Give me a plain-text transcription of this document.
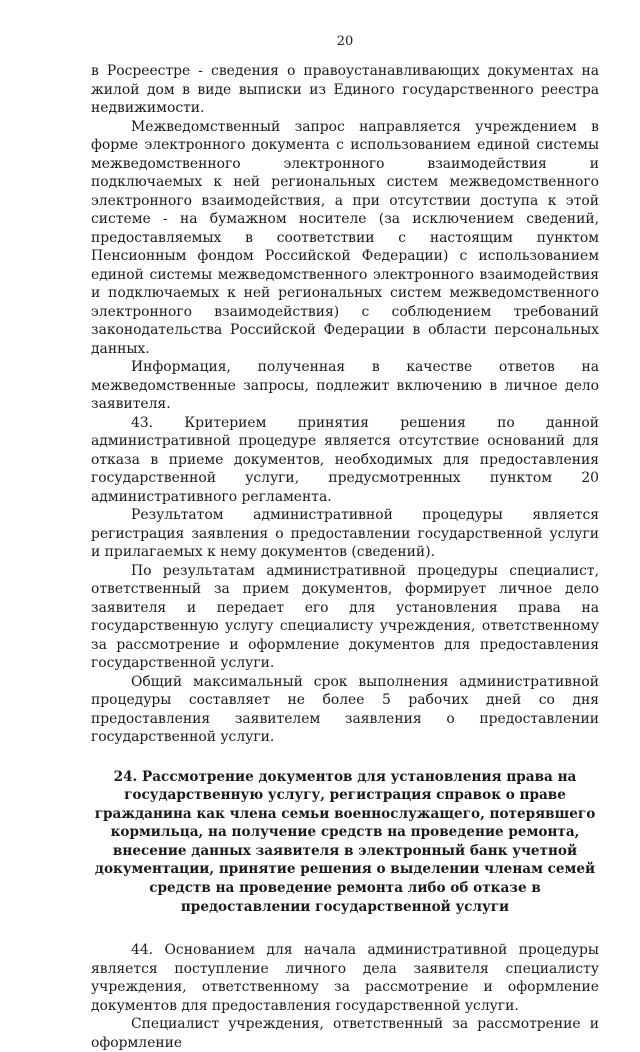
20

в Росреестре - сведения о правоустанавливающих документах на жилой дом в виде выписки из Единого государственного реестра недвижимости.

Межведомственный запрос направляется учреждением в форме электронного документа с использованием единой системы межведомственного электронного взаимодействия и подключаемых к ней региональных систем межведомственного электронного взаимодействия, а при отсутствии доступа к этой системе - на бумажном носителе (за исключением сведений, предоставляемых в соответствии с настоящим пунктом Пенсионным фондом Российской Федерации) с использованием единой системы межведомственного электронного взаимодействия и подключаемых к ней региональных систем межведомственного электронного взаимодействия) с соблюдением требований законодательства Российской Федерации в области персональных данных.

Информация, полученная в качестве ответов на межведомственные запросы, подлежит включению в личное дело заявителя.

43. Критерием принятия решения по данной административной процедуре является отсутствие оснований для отказа в приеме документов, необходимых для предоставления государственной услуги, предусмотренных пунктом 20 административного регламента.

Результатом административной процедуры является регистрация заявления о предоставлении государственной услуги и прилагаемых к нему документов (сведений).

По результатам административной процедуры специалист, ответственный за прием документов, формирует личное дело заявителя и передает его для установления права на государственную услугу специалисту учреждения, ответственному за рассмотрение и оформление документов для предоставления государственной услуги.

Общий максимальный срок выполнения административной процедуры составляет не более 5 рабочих дней со дня предоставления заявителем заявления о предоставлении государственной услуги.

24. Рассмотрение документов для установления права на государственную услугу, регистрация справок о праве гражданина как члена семьи военнослужащего, потерявшего кормильца, на получение средств на проведение ремонта, внесение данных заявителя в электронный банк учетной документации, принятие решения о выделении членам семей средств на проведение ремонта либо об отказе в предоставлении государственной услуги

44. Основанием для начала административной процедуры является поступление личного дела заявителя специалисту учреждения, ответственному за рассмотрение и оформление документов для предоставления государственной услуги.

Специалист учреждения, ответственный за рассмотрение и оформление
